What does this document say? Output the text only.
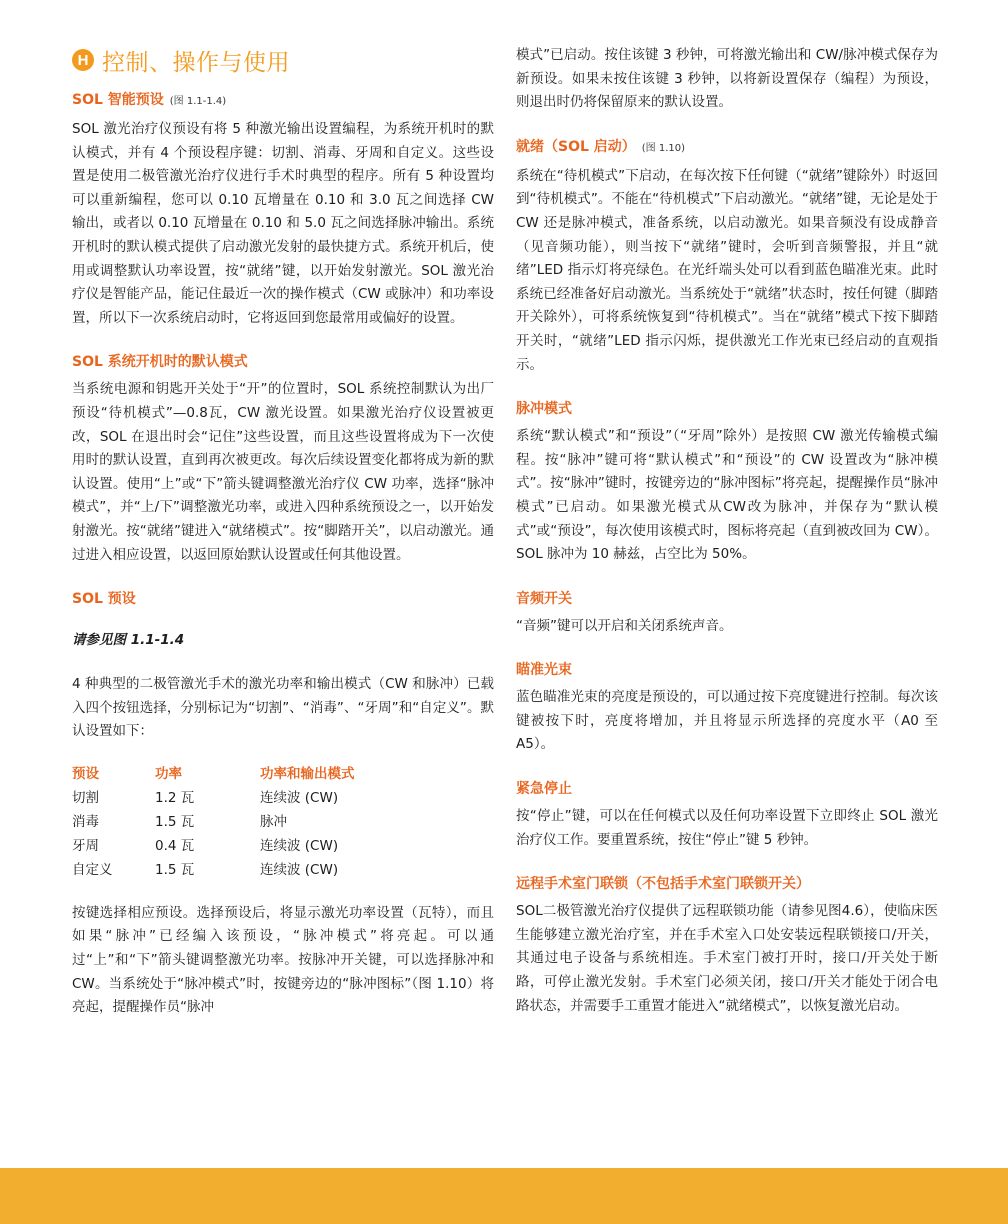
H 控制、操作与使用
SOL 智能预设 (图 1.1-1.4)

SOL 激光治疗仪预设有将 5 种激光输出设置编程，为系统开机时的默认模式，并有 4 个预设程序键：切割、消毒、牙周和自定义。这些设置是使用二极管激光治疗仪进行手术时典型的程序。所有 5 种设置均可以重新编程，您可以 0.10 瓦增量在 0.10 和 3.0 瓦之间选择 CW 输出，或者以 0.10 瓦增量在 0.10 和 5.0 瓦之间选择脉冲输出。系统开机时的默认模式提供了启动激光发射的最快捷方式。系统开机后，使用或调整默认功率设置，按“就绪”键，以开始发射激光。SOL 激光治疗仪是智能产品，能记住最近一次的操作模式（CW 或脉冲）和功率设置，所以下一次系统启动时，它将返回到您最常用或偏好的设置。

SOL 系统开机时的默认模式

当系统电源和钥匙开关处于“开”的位置时，SOL 系统控制默认为出厂预设“待机模式”—0.8瓦，CW 激光设置。如果激光治疗仪设置被更改，SOL 在退出时会“记住”这些设置，而且这些设置将成为下一次使用时的默认设置，直到再次被更改。每次后续设置变化都将成为新的默认设置。使用“上”或“下”箭头键调整激光治疗仪 CW 功率，选择“脉冲模式”，并“上/下”调整激光功率，或进入四种系统预设之一，以开始发射激光。按“就绪”键进入“就绪模式”。按“脚踏开关”，以启动激光。通过进入相应设置，以返回原始默认设置或任何其他设置。

SOL 预设
请参见图 1.1-1.4

4 种典型的二极管激光手术的激光功率和输出模式（CW 和脉冲）已载入四个按钮选择，分别标记为“切割”、“消毒”、“牙周”和“自定义”。默认设置如下：

预设	功率	功率和输出模式
切割	1.2 瓦	连续波 (CW)
消毒	1.5 瓦	脉冲
牙周	0.4 瓦	连续波 (CW)
自定义	1.5 瓦	连续波 (CW)

按键选择相应预设。选择预设后，将显示激光功率设置（瓦特），而且如果“脉冲”已经编入该预设，“脉冲模式”将亮起。可以通过“上”和“下”箭头键调整激光功率。按脉冲开关键，可以选择脉冲和 CW。当系统处于“脉冲模式”时，按键旁边的“脉冲图标”（图 1.10）将亮起，提醒操作员“脉冲

模式”已启动。按住该键 3 秒钟，可将激光输出和 CW/脉冲模式保存为新预设。如果未按住该键 3 秒钟，以将新设置保存（编程）为预设，则退出时仍将保留原来的默认设置。

就绪（SOL 启动） (图 1.10)

系统在“待机模式”下启动，在每次按下任何键（“就绪”键除外）时返回到“待机模式”。不能在“待机模式”下启动激光。“就绪”键，无论是处于 CW 还是脉冲模式，准备系统，以启动激光。如果音频没有设成静音（见音频功能），则当按下“就绪”键时，会听到音频警报，并且“就绪”LED 指示灯将亮绿色。在光纤端头处可以看到蓝色瞄准光束。此时系统已经准备好启动激光。当系统处于“就绪”状态时，按任何键（脚踏开关除外），可将系统恢复到“待机模式”。当在“就绪”模式下按下脚踏开关时，“就绪”LED 指示闪烁，提供激光工作光束已经启动的直观指示。

脉冲模式

系统“默认模式”和“预设”（“牙周”除外）是按照 CW 激光传输模式编程。按“脉冲”键可将“默认模式”和“预设”的 CW 设置改为“脉冲模式”。按“脉冲”键时，按键旁边的“脉冲图标”将亮起，提醒操作员“脉冲模式”已启动。如果激光模式从CW改为脉冲，并保存为“默认模式”或“预设”，每次使用该模式时，图标将亮起（直到被改回为 CW）。SOL 脉冲为 10 赫兹，占空比为 50%。

音频开关

“音频”键可以开启和关闭系统声音。

瞄准光束

蓝色瞄准光束的亮度是预设的，可以通过按下亮度键进行控制。每次该键被按下时，亮度将增加，并且将显示所选择的亮度水平（A0 至 A5）。

紧急停止

按“停止”键，可以在任何模式以及任何功率设置下立即终止 SOL 激光治疗仪工作。要重置系统，按住“停止”键 5 秒钟。

远程手术室门联锁（不包括手术室门联锁开关）

SOL二极管激光治疗仪提供了远程联锁功能（请参见图4.6），使临床医生能够建立激光治疗室，并在手术室入口处安装远程联锁接口/开关，其通过电子设备与系统相连。手术室门被打开时，接口/开关处于断路，可停止激光发射。手术室门必须关闭，接口/开关才能处于闭合电路状态，并需要手工重置才能进入“就绪模式”，以恢复激光启动。
